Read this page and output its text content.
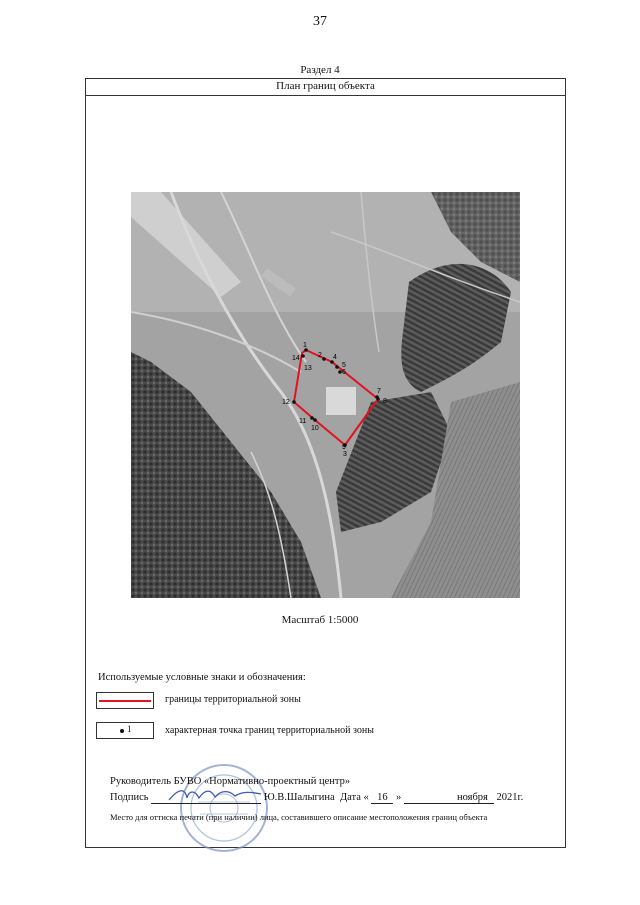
37
Раздел 4
План границ объекта
1
2
3
4
5
6
7
8
9
10
11
12
13
14
Масштаб 1:5000
Используемые условные знаки и обозначения:
границы территориальной зоны
1	характерная точка границ территориальной зоны
Руководитель БУВО «Нормативно-проектный центр»
Подпись	Ю.В.Шалыгина Дата « 16 »	ноября 2021г.
Место для оттиска печати (при наличии) лица, составившего описание местоположения границ объекта
